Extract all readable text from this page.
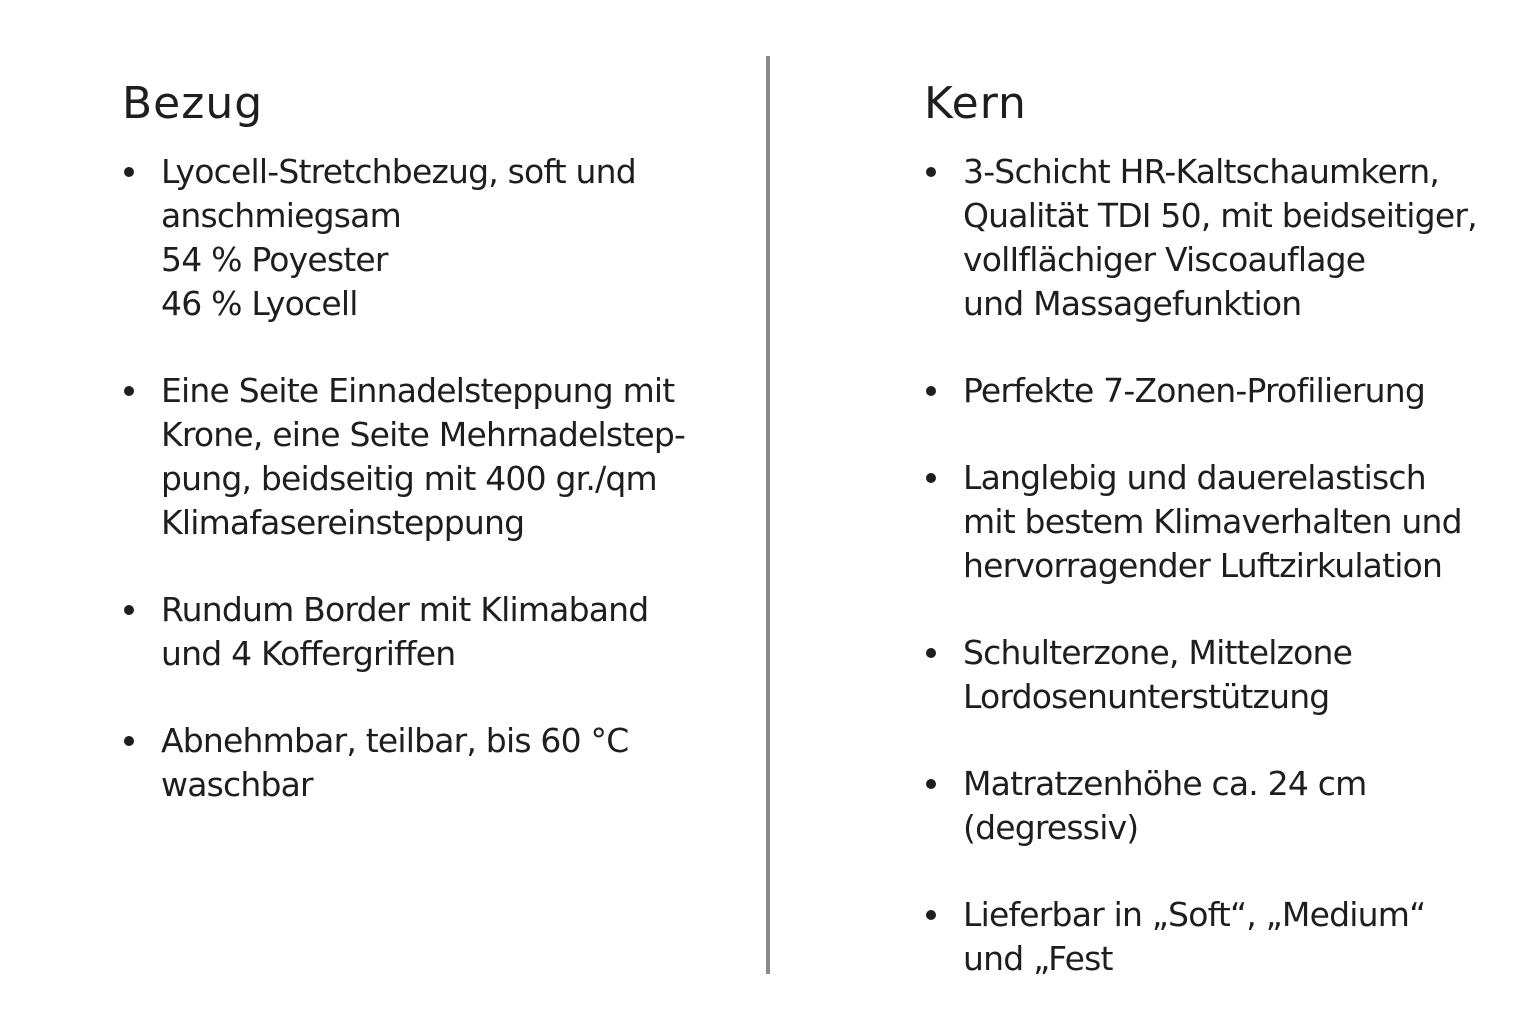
Bezug
Lyocell-Stretchbezug, soft und
anschmiegsam
54 % Poyester
46 % Lyocell
Eine Seite Einnadelsteppung mit
Krone, eine Seite Mehrnadelstep-
pung, beidseitig mit 400 gr./qm
Klimafasereinsteppung
Rundum Border mit Klimaband
und 4 Koffergriffen
Abnehmbar, teilbar, bis 60 °C
waschbar
Kern
3-Schicht HR-Kaltschaumkern,
Qualität TDI 50, mit beidseitiger,
volIflächiger Viscoauflage
und Massagefunktion
Perfekte 7-Zonen-Profilierung
Langlebig und dauerelastisch
mit bestem Klimaverhalten und
hervorragender Luftzirkulation
Schulterzone, Mittelzone
Lordosenunterstützung
Matratzenhöhe ca. 24 cm
(degressiv)
Lieferbar in „Soft“, „Medium“
und „Fest
